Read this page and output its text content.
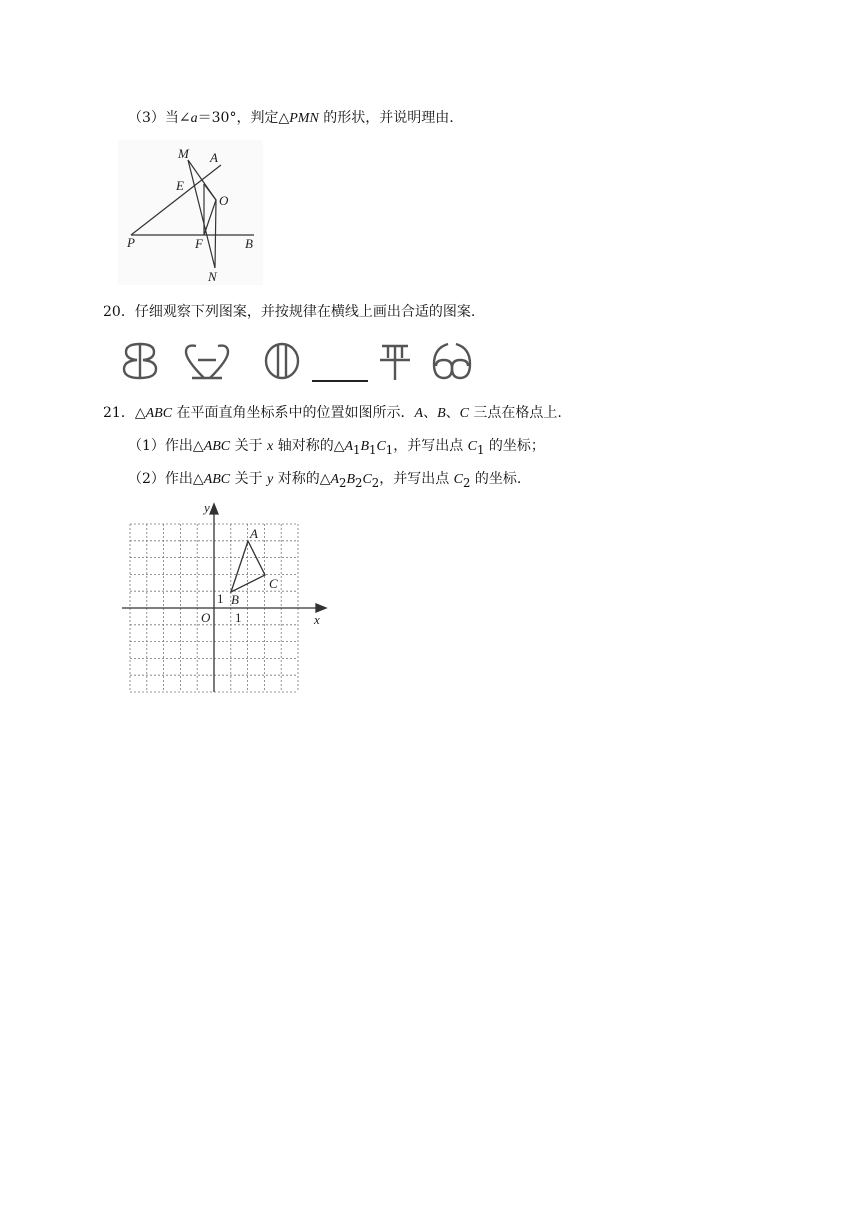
（3）当∠a＝30°，判定△PMN 的形状，并说明理由.
M A
E
O
P	F	B
N
20．仔细观察下列图案，并按规律在横线上画出合适的图案.
21．△ABC 在平面直角坐标系中的位置如图所示．A、B、C 三点在格点上.
（1）作出△ABC 关于 x 轴对称的$\triangle A_1B_1C_1$，并写出点 $C_1$ 的坐标；
（2）作出△ABC 关于 y 对称的$\triangle A_2B_2C_2$，并写出点 $C_2$ 的坐标.
y
x
O 1
1
A
C
B
